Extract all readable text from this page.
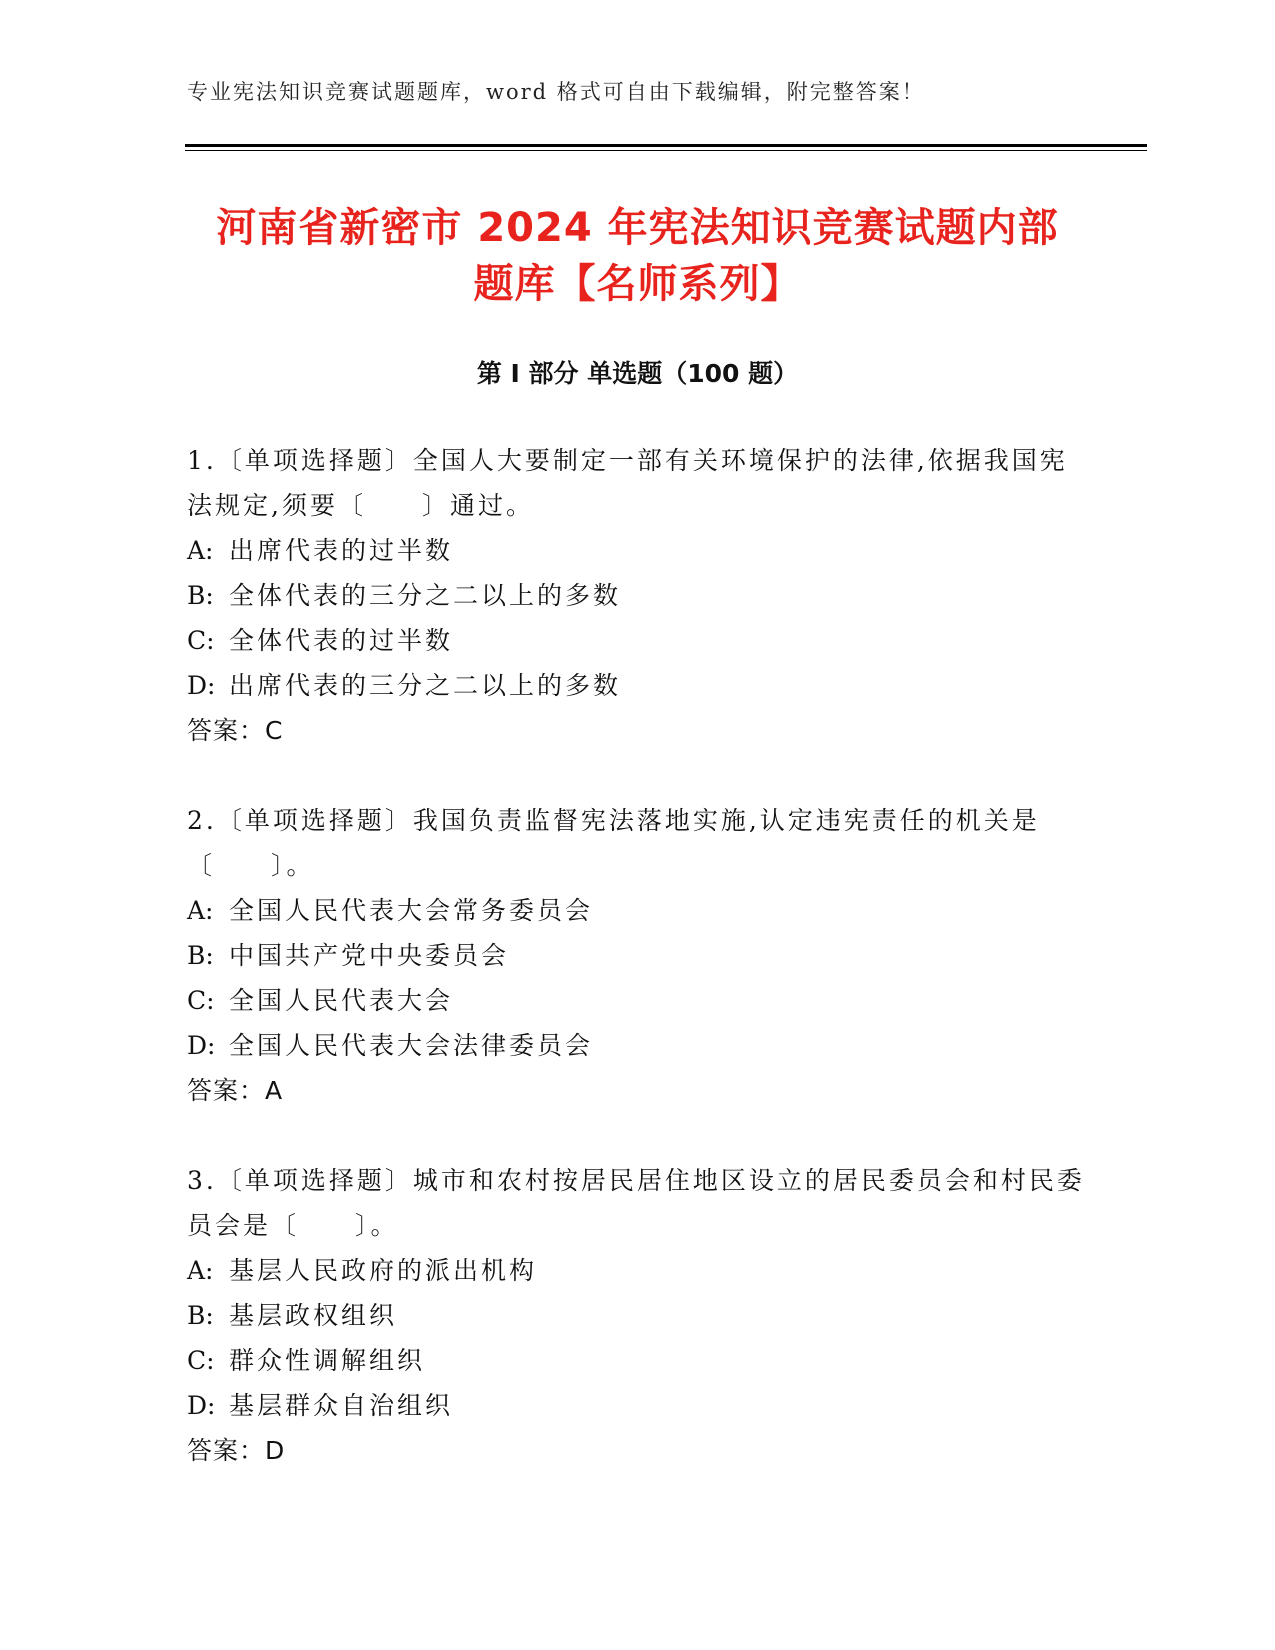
专业宪法知识竞赛试题题库，word 格式可自由下载编辑，附完整答案！
河南省新密市 2024 年宪法知识竞赛试题内部
题库【名师系列】
第 I 部分 单选题（100 题）
1.〔单项选择题〕全国人大要制定一部有关环境保护的法律,依据我国宪法规定,须要〔　　〕通过。
A: 出席代表的过半数
B: 全体代表的三分之二以上的多数
C: 全体代表的过半数
D: 出席代表的三分之二以上的多数
答案：C
2.〔单项选择题〕我国负责监督宪法落地实施,认定违宪责任的机关是〔　　〕。
A: 全国人民代表大会常务委员会
B: 中国共产党中央委员会
C: 全国人民代表大会
D: 全国人民代表大会法律委员会
答案：A
3.〔单项选择题〕城市和农村按居民居住地区设立的居民委员会和村民委员会是〔　　〕。
A: 基层人民政府的派出机构
B: 基层政权组织
C: 群众性调解组织
D: 基层群众自治组织
答案：D
